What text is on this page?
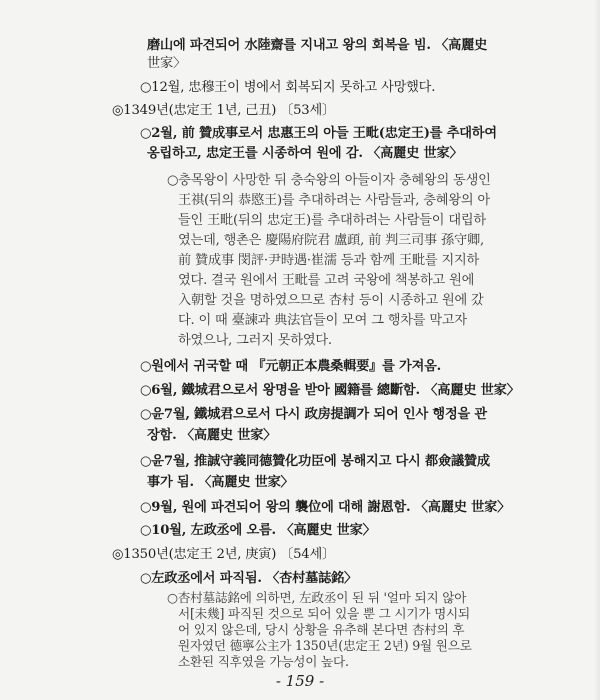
磨山에 파견되어 水陸齋를 지내고 왕의 회복을 빔. 〈高麗史
世家〉
○12월, 忠穆王이 병에서 회복되지 못하고 사망했다.
◎1349년(忠定王 1년, 己丑) 〔53세〕
○2월, 前 贊成事로서 忠惠王의 아들 王毗(忠定王)를 추대하여
옹립하고, 忠定王를 시종하여 원에 감. 〈高麗史 世家〉
○충목왕이 사망한 뒤 충숙왕의 아들이자 충혜왕의 동생인
王祺(뒤의 恭愍王)를 추대하려는 사람들과, 충혜왕의 아
들인 王毗(뒤의 忠定王)를 추대하려는 사람들이 대립하
였는데, 행촌은 慶陽府院君 盧頙, 前 判三司事 孫守卿,
前 贊成事 閔評·尹時遇·崔濡 등과 함께 王毗를 지지하
였다. 결국 원에서 王毗를 고려 국왕에 책봉하고 원에
入朝할 것을 명하였으므로 杏村 등이 시종하고 원에 갔
다. 이 때 臺諫과 典法官들이 모여 그 행차를 막고자
하였으나, 그러지 못하였다.
○원에서 귀국할 때 『元朝正本農桑輯要』를 가져옴.
○6월, 鐵城君으로서 왕명을 받아 國籍를 總斷함. 〈高麗史 世家〉
○윤7월, 鐵城君으로서 다시 政房提調가 되어 인사 행정을 관
장함. 〈高麗史 世家〉
○윤7월, 推誠守義同德贊化功臣에 봉해지고 다시 都僉議贊成
事가 됨. 〈高麗史 世家〉
○9월, 원에 파견되어 왕의 襲位에 대해 謝恩함. 〈高麗史 世家〉
○10월, 左政丞에 오름. 〈高麗史 世家〉
◎1350년(忠定王 2년, 庚寅) 〔54세〕
○左政丞에서 파직됨. 〈杏村墓誌銘〉
○杏村墓誌銘에 의하면, 左政丞이 된 뒤 '얼마 되지 않아
서[未幾] 파직된 것으로 되어 있을 뿐 그 시기가 명시되
어 있지 않은데, 당시 상황을 유추해 본다면 杏村의 후
원자였던 德寧公主가 1350년(忠定王 2년) 9월 원으로
소환된 직후였을 가능성이 높다.
- 159 -
